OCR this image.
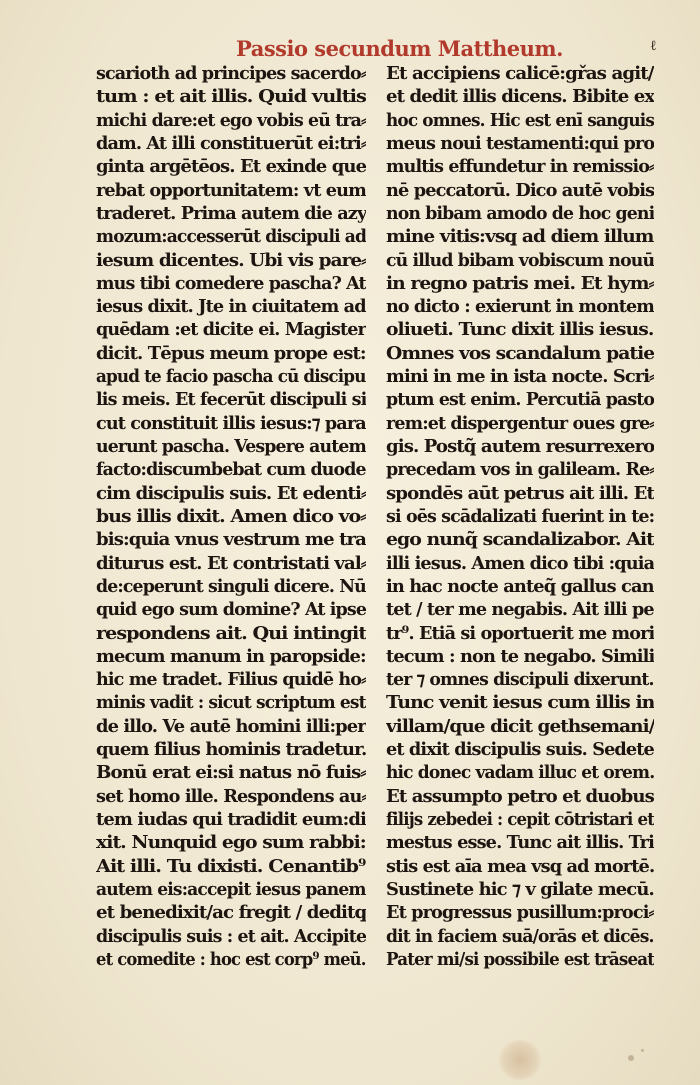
Passio secundum Mattheum.	ℓ
scarioth ad principes sacerdo⸗
tum : et ait illis. Quid vultis
michi dare:et ego vobis eū tra⸗
dam. At illi constituerūt ei:tri⸗
ginta argētēos. Et exinde que
rebat opportunitatem: vt eum
traderet. Prima autem die azy
mozum:accesserūt discipuli ad
iesum dicentes. Ubi vis pare⸗
mus tibi comedere pascha? At
iesus dixit. Jte in ciuitatem ad
quēdam :et dicite ei. Magister
dicit. Tēpus meum prope est:
apud te facio pascha cū discipu
lis meis. Et fecerūt discipuli si
cut constituit illis iesus:⁊ para
uerunt pascha. Vespere autem
facto:discumbebat cum duode
cim discipulis suis. Et edenti⸗
bus illis dixit. Amen dico vo⸗
bis:quia vnus vestrum me tra
diturus est. Et contristati val⸗
de:ceperunt singuli dicere. Nū
quid ego sum domine? At ipse
respondens ait. Qui intingit
mecum manum in paropside:
hic me tradet. Filius quidē ho⸗
minis vadit : sicut scriptum est
de illo. Ve autē homini illi:per
quem filius hominis tradetur.
Bonū erat ei:si natus nō fuis⸗
set homo ille. Respondens au⸗
tem iudas qui tradidit eum:di
xit. Nunquid ego sum rabbi:
Ait illi. Tu dixisti. Cenantib⁹
autem eis:accepit iesus panem
et benedixit/ac fregit / deditq̧
discipulis suis : et ait. Accipite
et comedite : hoc est corp⁹ meū.
Et accipiens calicē:gřas agit/
et dedit illis dicens. Bibite ex
hoc omnes. Hic est enī sanguis
meus noui testamenti:qui pro
multis effundetur in remissio⸗
nē peccatorū. Dico autē vobis
non bibam amodo de hoc geni
mine vitis:vsq̧ ad diem illum
cū illud bibam vobiscum nouū
in regno patris mei. Et hym⸗
no dicto : exierunt in montem
oliueti. Tunc dixit illis iesus.
Omnes vos scandalum patie
mini in me in ista nocte. Scri⸗
ptum est enim. Percutiā pasto
rem:et dispergentur oues gre⸗
gis. Postq̃ autem resurrexero
precedam vos in galileam. Re⸗
spondēs aūt petrus ait illi. Et
si oēs scādalizati fuerint in te:
ego nunq̃ scandalizabor. Ait
illi iesus. Amen dico tibi :quia
in hac nocte anteq̃ gallus can
tet / ter me negabis. Ait illi pe
tr⁹. Etiā si oportuerit me mori
tecum : non te negabo. Simili
ter ⁊ omnes discipuli dixerunt.
Tunc venit iesus cum illis in
villam/que dicit gethsemani/
et dixit discipulis suis. Sedete
hic donec vadam illuc et orem.
Et assumpto petro et duobus
filijs zebedei : cepit cōtristari et
mestus esse. Tunc ait illis. Tri
stis est aīa mea vsq̧ ad mortē.
Sustinete hic ⁊ v gilate mecū.
Et progressus pusillum:proci⸗
dit in faciem suā/orās et dicēs.
Pater mi/si possibile est trāseat
